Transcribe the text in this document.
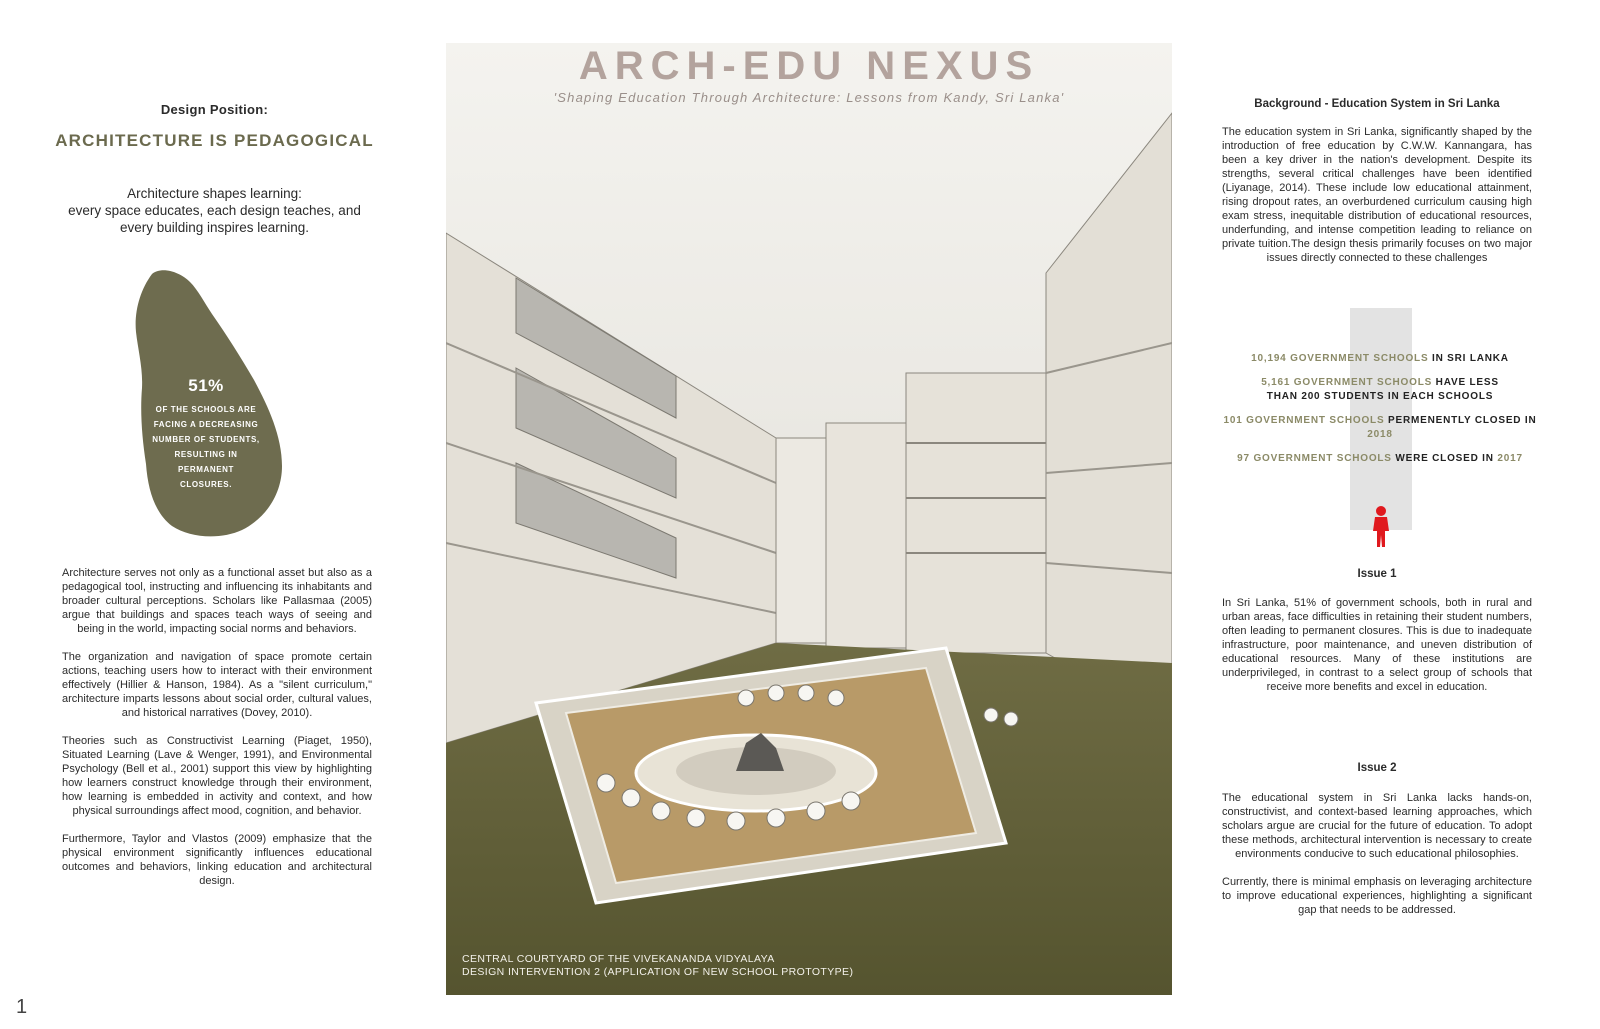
Design Position:
ARCHITECTURE IS PEDAGOGICAL
Architecture shapes learning:
every space educates, each design teaches, and
every building inspires learning.
51%
OF THE SCHOOLS ARE
FACING A DECREASING
NUMBER OF STUDENTS,
RESULTING IN
PERMANENT
CLOSURES.

Architecture serves not only as a functional asset but also as a pedagogical tool, instructing and influencing its inhabitants and broader cultural perceptions. Scholars like Pallasmaa (2005) argue that buildings and spaces teach ways of seeing and being in the world, impacting social norms and behaviors.

The organization and navigation of space promote certain actions, teaching users how to interact with their environment effectively (Hillier & Hanson, 1984). As a "silent curriculum," architecture imparts lessons about social order, cultural values, and historical narratives (Dovey, 2010).

Theories such as Constructivist Learning (Piaget, 1950), Situated Learning (Lave & Wenger, 1991), and Environmental Psychology (Bell et al., 2001) support this view by highlighting how learners construct knowledge through their environment, how learning is embedded in activity and context, and how physical surroundings affect mood, cognition, and behavior.

Furthermore, Taylor and Vlastos (2009) emphasize that the physical environment significantly influences educational outcomes and behaviors, linking education and architectural design.

ARCH-EDU NEXUS
'Shaping Education Through Architecture: Lessons from Kandy, Sri Lanka'
CENTRAL COURTYARD OF THE VIVEKANANDA VIDYALAYA
DESIGN INTERVENTION 2 (APPLICATION OF NEW SCHOOL PROTOTYPE)
Background - Education System in Sri Lanka
The education system in Sri Lanka, significantly shaped by the introduction of free education by C.W.W. Kannangara, has been a key driver in the nation's development. Despite its strengths, several critical challenges have been identified (Liyanage, 2014). These include low educational attainment, rising dropout rates, an overburdened curriculum causing high exam stress, inequitable distribution of educational resources, underfunding, and intense competition leading to reliance on private tuition.The design thesis primarily focuses on two major issues directly connected to these challenges
10,194 GOVERNMENT SCHOOLS IN SRI LANKA
5,161 GOVERNMENT SCHOOLS HAVE LESS THAN 200 STUDENTS IN EACH SCHOOLS
101 GOVERNMENT SCHOOLS PERMENENTLY CLOSED IN 2018
97 GOVERNMENT SCHOOLS WERE CLOSED IN 2017
Issue 1

In Sri Lanka, 51% of government schools, both in rural and urban areas, face difficulties in retaining their student numbers, often leading to permanent closures. This is due to inadequate infrastructure, poor maintenance, and uneven distribution of educational resources. Many of these institutions are underprivileged, in contrast to a select group of schools that receive more benefits and excel in education.

Issue 2

The educational system in Sri Lanka lacks hands-on, constructivist, and context-based learning approaches, which scholars argue are crucial for the future of education. To adopt these methods, architectural intervention is necessary to create environments conducive to such educational philosophies.

Currently, there is minimal emphasis on leveraging architecture to improve educational experiences, highlighting a significant gap that needs to be addressed.

1
